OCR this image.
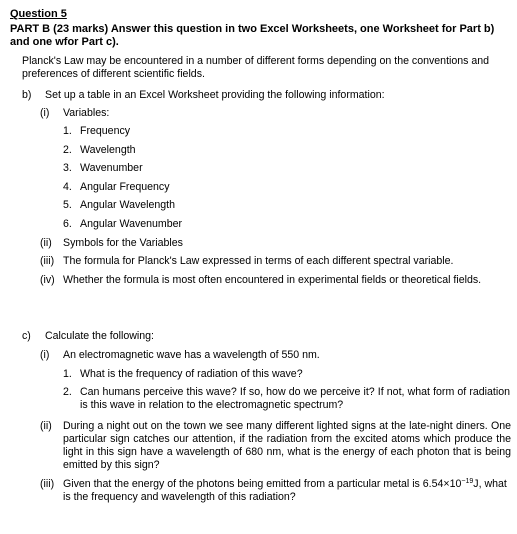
Question 5
PART B (23 marks) Answer this question in two Excel Worksheets, one Worksheet for Part b) and one wfor Part c).
Planck's Law may be encountered in a number of different forms depending on the conventions and preferences of different scientific fields.
b) Set up a table in an Excel Worksheet providing the following information:
(i) Variables:
1. Frequency
2. Wavelength
3. Wavenumber
4. Angular Frequency
5. Angular Wavelength
6. Angular Wavenumber
(ii) Symbols for the Variables
(iii) The formula for Planck's Law expressed in terms of each different spectral variable.
(iv) Whether the formula is most often encountered in experimental fields or theoretical fields.
c) Calculate the following:
(i) An electromagnetic wave has a wavelength of 550 nm.
1. What is the frequency of radiation of this wave?
2. Can humans perceive this wave? If so, how do we perceive it? If not, what form of radiation is this wave in relation to the electromagnetic spectrum?
(ii) During a night out on the town we see many different lighted signs at the late-night diners. One particular sign catches our attention, if the radiation from the excited atoms which produce the light in this sign have a wavelength of 680 nm, what is the energy of each photon that is being emitted by this sign?
(iii) Given that the energy of the photons being emitted from a particular metal is $6.54\times 10^{-19}J$, what is the frequency and wavelength of this radiation?
